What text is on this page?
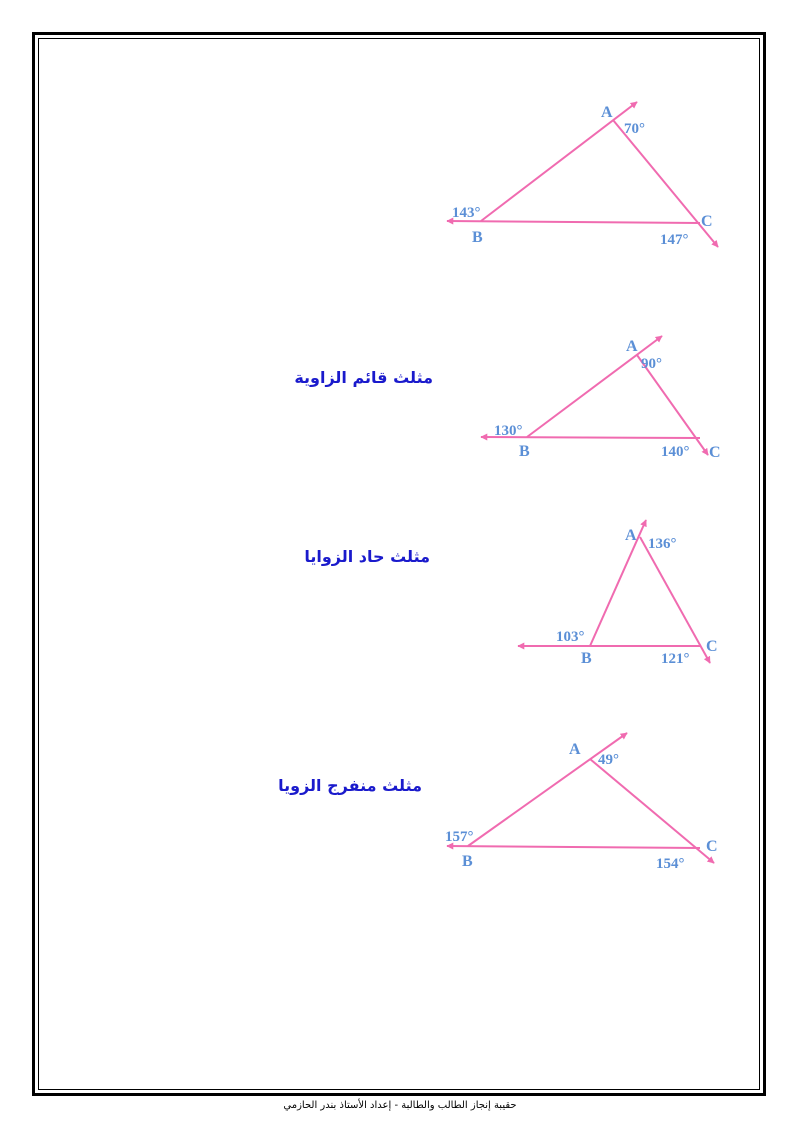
A
B
C
70°
143°
147°
A
B	C
90°
130°
140°
A
B
C
136°
103°
121°
A
B
C
49°
157°
154°
مثلث قائم الزاوية
مثلث حاد الزوايا
مثلث منفرج الزويا
حقيبة إنجاز الطالب والطالبة - إعداد الأستاذ بندر الحازمي
